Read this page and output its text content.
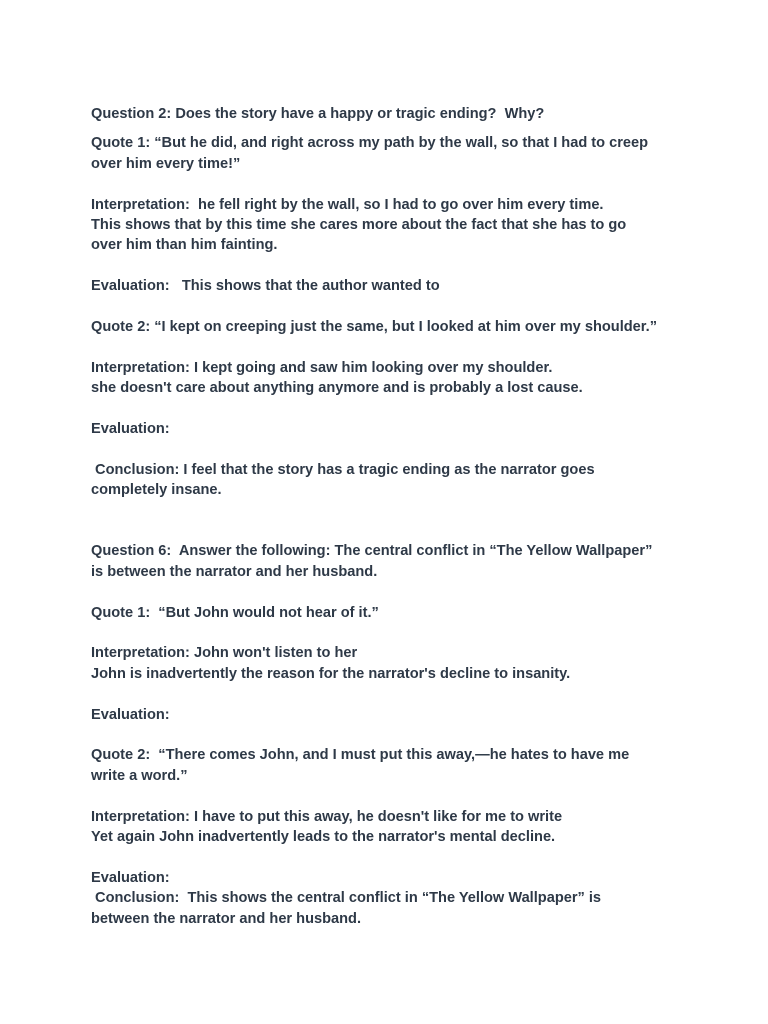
Question 2: Does the story have a happy or tragic ending?  Why?
Quote 1: “But he did, and right across my path by the wall, so that I had to creep
over him every time!”
Interpretation:  he fell right by the wall, so I had to go over him every time.
This shows that by this time she cares more about the fact that she has to go
over him than him fainting.
Evaluation:   This shows that the author wanted to
Quote 2: “I kept on creeping just the same, but I looked at him over my shoulder.”
Interpretation: I kept going and saw him looking over my shoulder.
she doesn't care about anything anymore and is probably a lost cause.
Evaluation:
Conclusion: I feel that the story has a tragic ending as the narrator goes
completely insane.
Question 6:  Answer the following: The central conflict in “The Yellow Wallpaper”
is between the narrator and her husband.
Quote 1:  “But John would not hear of it.”
Interpretation: John won't listen to her
John is inadvertently the reason for the narrator's decline to insanity.
Evaluation:
Quote 2:  “There comes John, and I must put this away,—he hates to have me
write a word.”
Interpretation: I have to put this away, he doesn't like for me to write
Yet again John inadvertently leads to the narrator's mental decline.
Evaluation:
Conclusion:  This shows the central conflict in “The Yellow Wallpaper” is
between the narrator and her husband.
